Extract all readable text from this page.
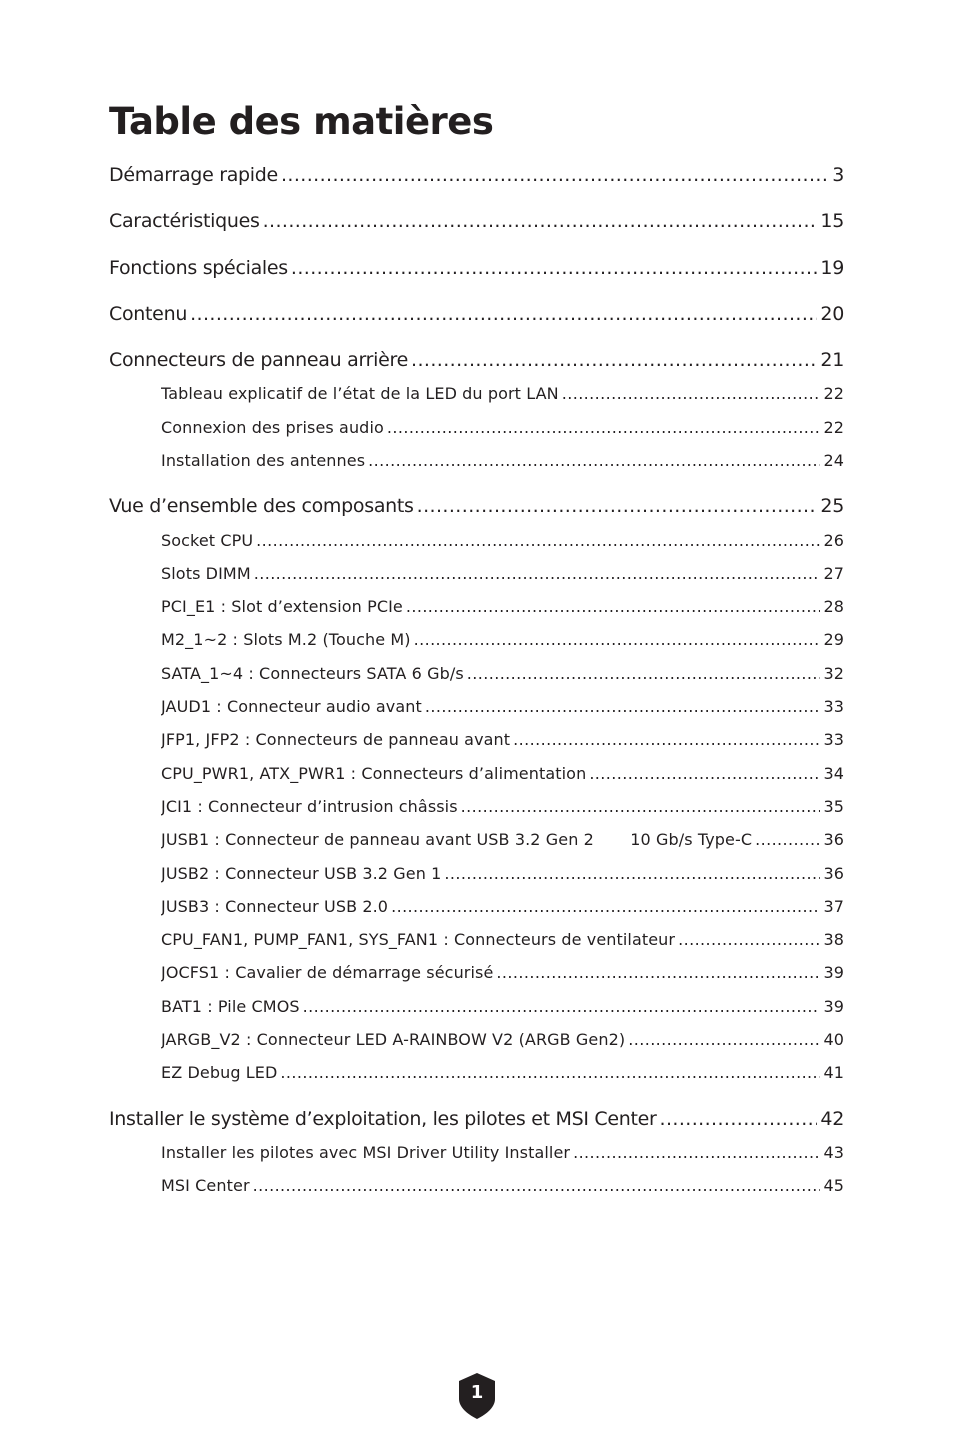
Table des matières
Démarrage rapide .....	3
Caractéristiques .....	15
Fonctions spéciales .....	19
Contenu .....	20
Connecteurs de panneau arrière .....	21
Tableau explicatif de l’état de la LED du port LAN .....	22
Connexion des prises audio .....	22
Installation des antennes .....	24
Vue d’ensemble des composants .....	25
Socket CPU .....	26
Slots DIMM .....	27
PCI_E1 : Slot d’extension PCIe .....	28
M2_1~2 : Slots M.2 (Touche M) .....	29
SATA_1~4 : Connecteurs SATA 6 Gb/s .....	32
JAUD1 : Connecteur audio avant .....	33
JFP1, JFP2 : Connecteurs de panneau avant .....	33
CPU_PWR1, ATX_PWR1 : Connecteurs d’alimentation .....	34
JCI1 : Connecteur d’intrusion châssis .....	35
JUSB1 : Connecteur de panneau avant USB 3.2 Gen 2       10 Gb/s Type-C .....	36
JUSB2 : Connecteur USB 3.2 Gen 1 .....	36
JUSB3 : Connecteur USB 2.0 .....	37
CPU_FAN1, PUMP_FAN1, SYS_FAN1 : Connecteurs de ventilateur .....	38
JOCFS1 : Cavalier de démarrage sécurisé .....	39
BAT1 : Pile CMOS .....	39
JARGB_V2 : Connecteur LED A-RAINBOW V2 (ARGB Gen2) .....	40
EZ Debug LED .....	41
Installer le système d’exploitation, les pilotes et MSI Center .....	42
Installer les pilotes avec MSI Driver Utility Installer .....	43
MSI Center .....	45
1
